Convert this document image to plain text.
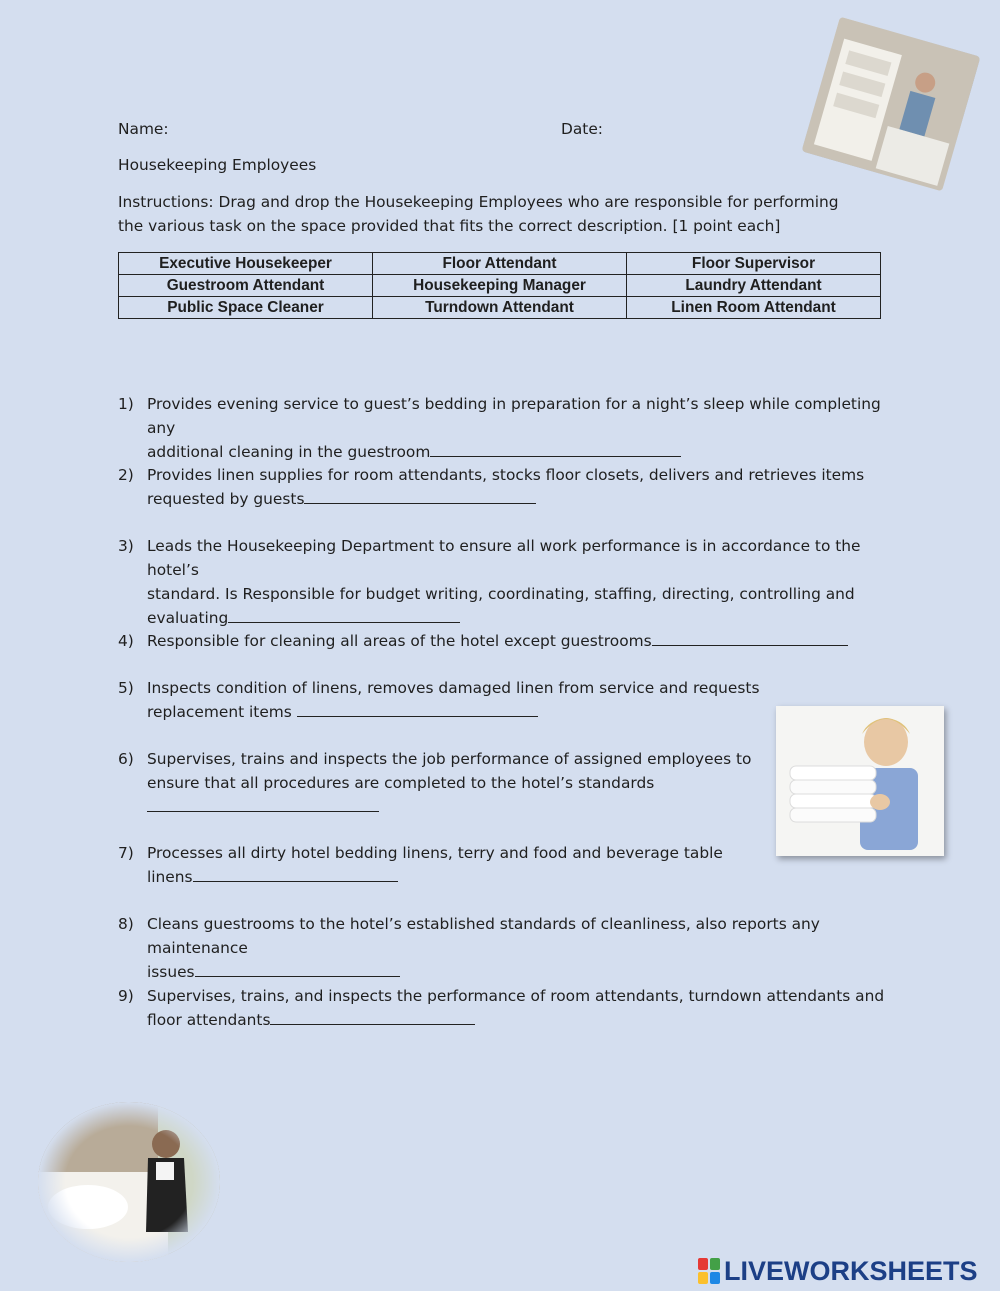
Name:	Date:
Housekeeping Employees
Instructions: Drag and drop the Housekeeping Employees who are responsible for performing the various task on the space provided that fits the correct description. [1 point each]
Executive Housekeeper	Floor Attendant	Floor Supervisor
Guestroom Attendant	Housekeeping Manager	Laundry Attendant
Public Space Cleaner	Turndown Attendant	Linen Room Attendant
1) Provides evening service to guest’s bedding in preparation for a night’s sleep while completing any
additional cleaning in the guestroom
2) Provides linen supplies for room attendants, stocks floor closets, delivers and retrieves items
requested by guests
3) Leads the Housekeeping Department to ensure all work performance is in accordance to the hotel’s
standard. Is Responsible for budget writing, coordinating, staffing, directing, controlling and
evaluating
4) Responsible for cleaning all areas of the hotel except guestrooms
5) Inspects condition of linens, removes damaged linen from service and requests
replacement items
6) Supervises, trains and inspects the job performance of assigned employees to
ensure that all procedures are completed to the hotel’s standards
7) Processes all dirty hotel bedding linens, terry and food and beverage table
linens
8) Cleans guestrooms to the hotel’s established standards of cleanliness, also reports any maintenance
issues
9) Supervises, trains, and inspects the performance of room attendants, turndown attendants and
floor attendants
LIVEWORKSHEETS
